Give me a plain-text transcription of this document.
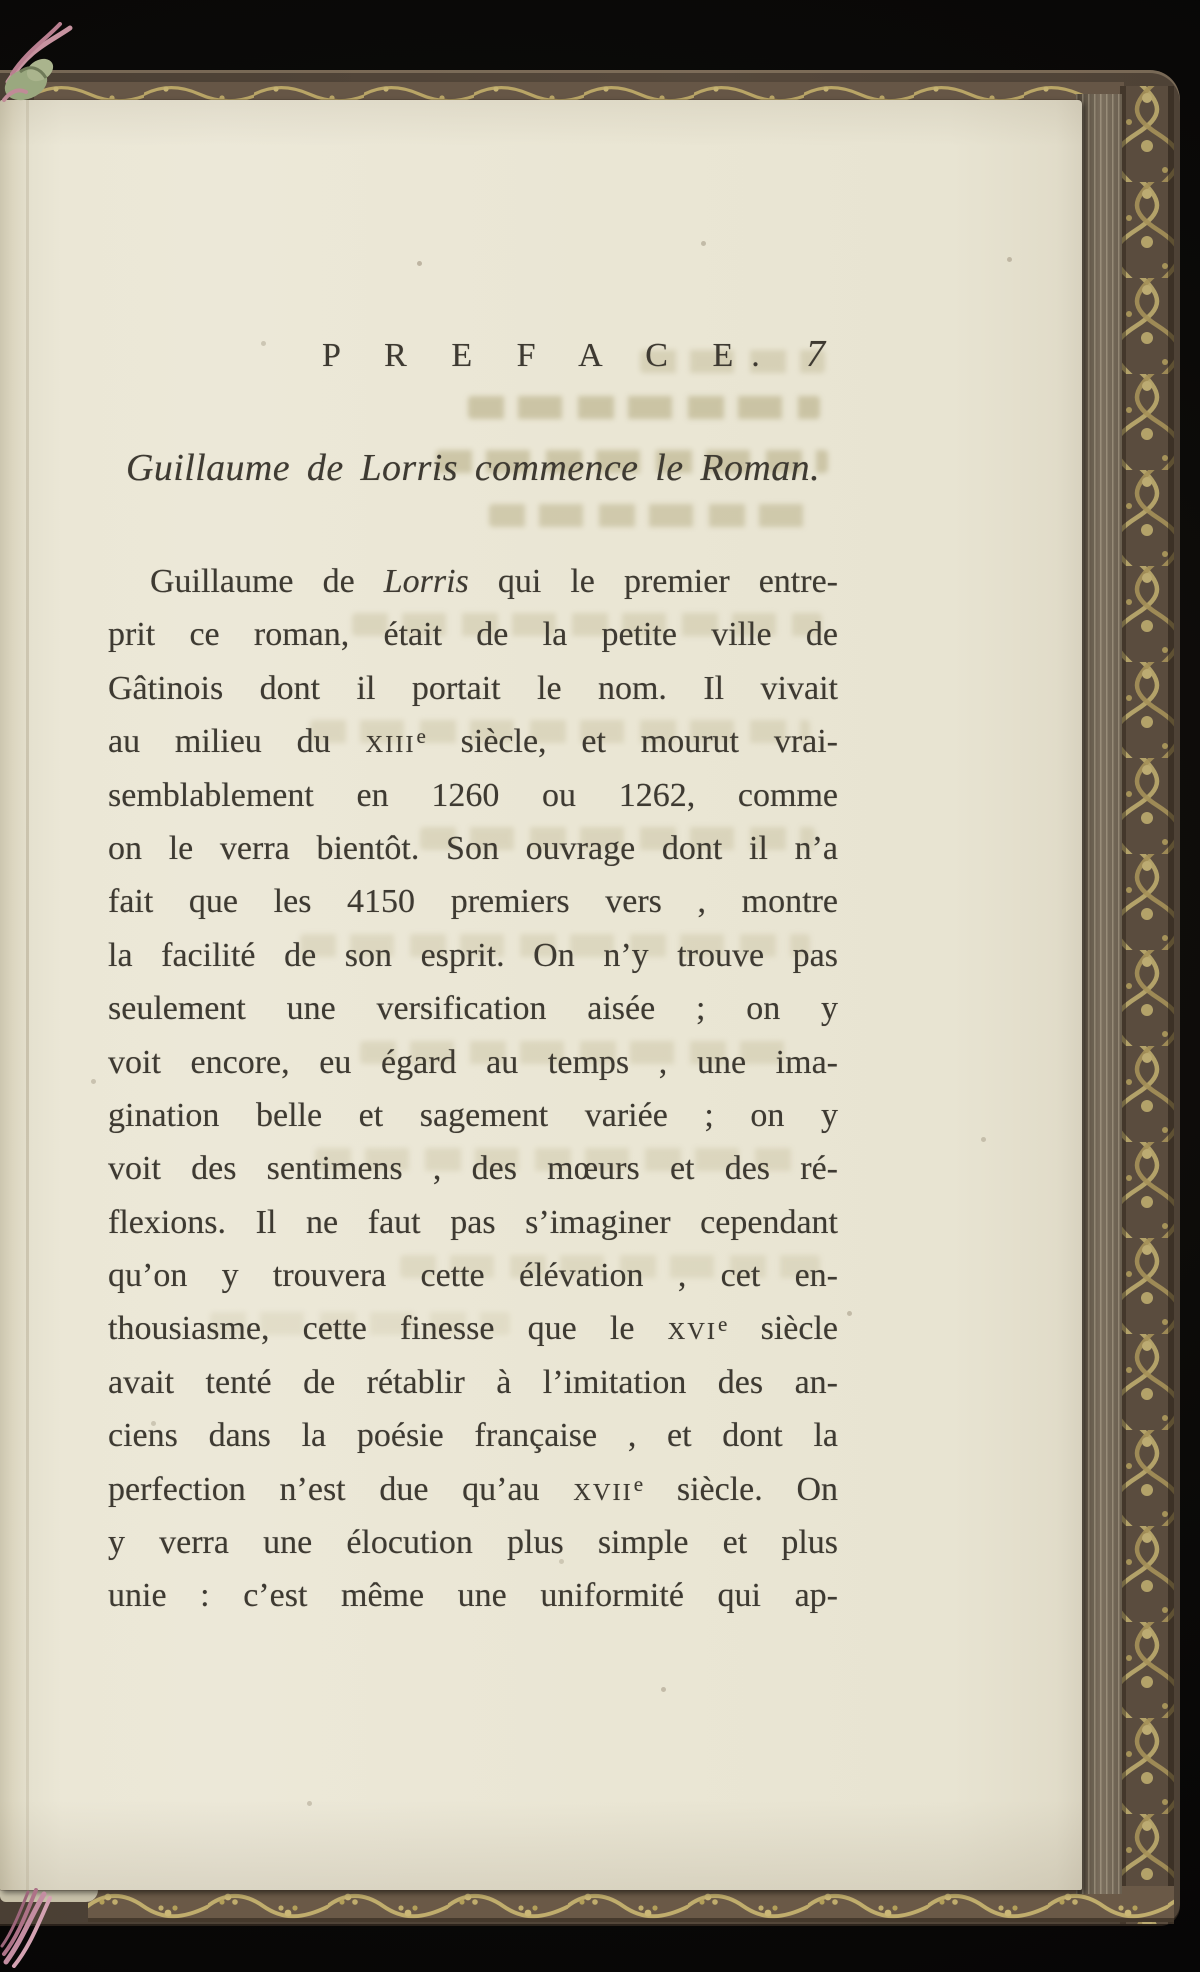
P R E F A C E. 7
Guillaume de Lorris commence le Roman.
Guillaume de Lorris qui le premier entre-
prit ce roman, était de la petite ville de
Gâtinois dont il portait le nom. Il vivait
au milieu du XIIIe siècle, et mourut vrai-
semblablement en 1260 ou 1262, comme
on le verra bientôt. Son ouvrage dont il n’a
fait que les 4150 premiers vers , montre
la facilité de son esprit. On n’y trouve pas
seulement une versification aisée ; on y
voit encore, eu égard au temps , une ima-
gination belle et sagement variée ; on y
voit des sentimens , des mœurs et des ré-
flexions. Il ne faut pas s’imaginer cependant
qu’on y trouvera cette élévation , cet en-
thousiasme, cette finesse que le XVIe siècle
avait tenté de rétablir à l’imitation des an-
ciens dans la poésie française , et dont la
perfection n’est due qu’au XVIIe siècle. On
y verra une élocution plus simple et plus
unie : c’est même une uniformité qui ap-
